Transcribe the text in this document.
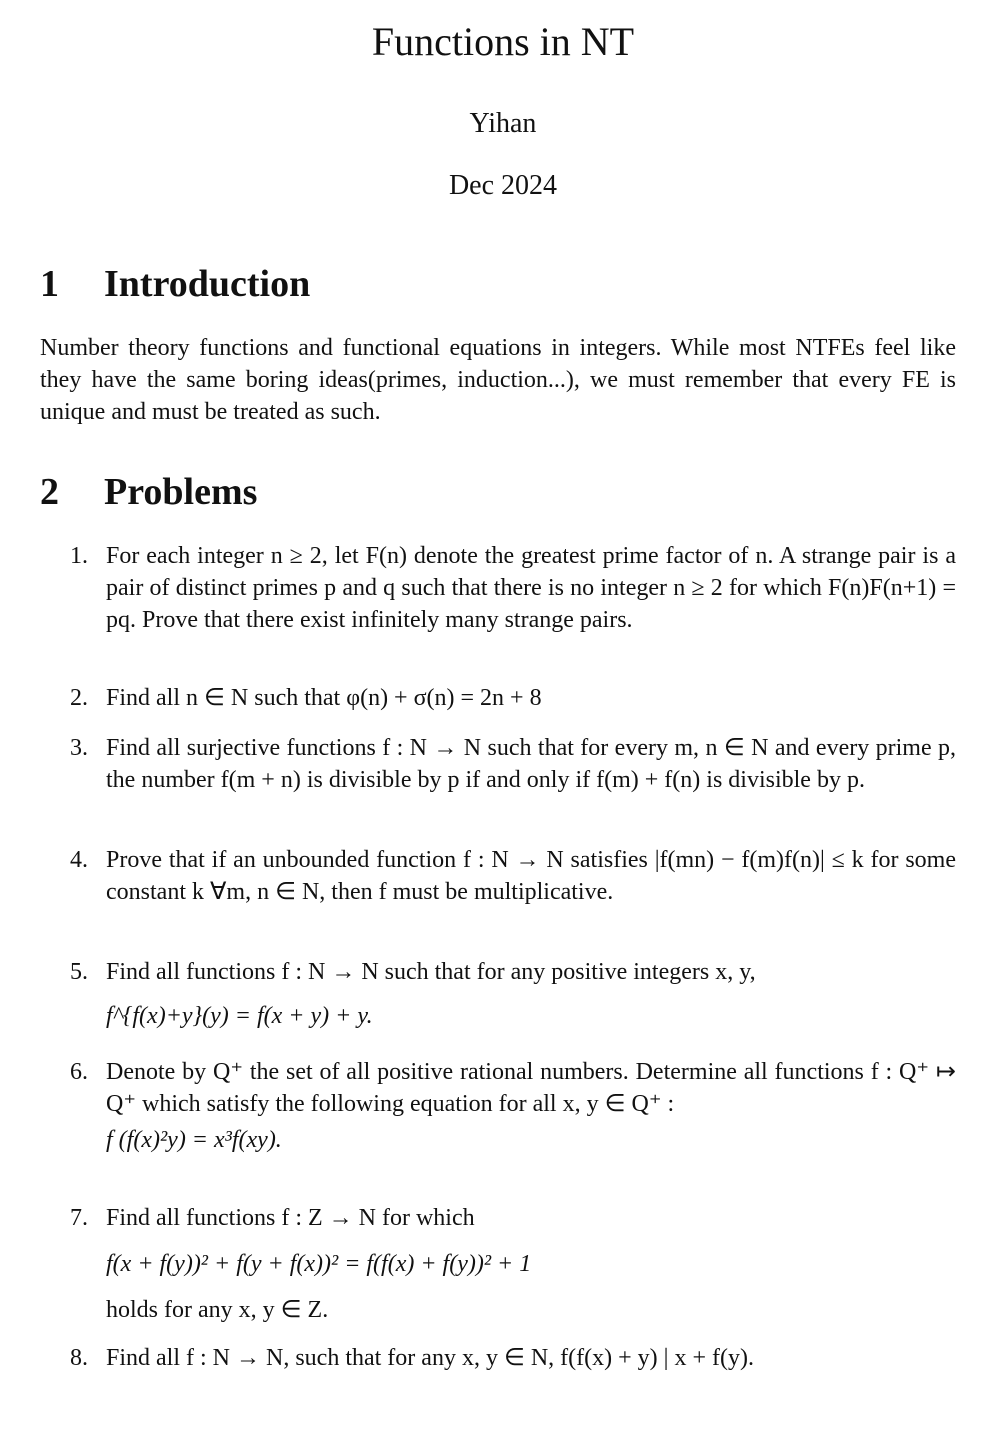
Functions in NT
Yihan
Dec 2024
1 Introduction
Number theory functions and functional equations in integers. While most NTFEs feel like they have the same boring ideas(primes, induction...), we must remember that every FE is unique and must be treated as such.
2 Problems
1. For each integer n ≥ 2, let F(n) denote the greatest prime factor of n. A strange pair is a pair of distinct primes p and q such that there is no integer n ≥ 2 for which F(n)F(n+1) = pq. Prove that there exist infinitely many strange pairs.
2. Find all n ∈ N such that φ(n) + σ(n) = 2n + 8
3. Find all surjective functions f : N → N such that for every m, n ∈ N and every prime p, the number f(m + n) is divisible by p if and only if f(m) + f(n) is divisible by p.
4. Prove that if an unbounded function f : N → N satisfies |f(mn) − f(m)f(n)| ≤ k for some constant k ∀m, n ∈ N, then f must be multiplicative.
5. Find all functions f : N → N such that for any positive integers x, y,
f^{f(x)+y}(y) = f(x + y) + y.
6. Denote by Q⁺ the set of all positive rational numbers. Determine all functions f : Q⁺ ↦ Q⁺ which satisfy the following equation for all x, y ∈ Q⁺ :
f (f(x)²y) = x³f(xy).
7. Find all functions f : Z → N for which
f(x + f(y))² + f(y + f(x))² = f(f(x) + f(y))² + 1
holds for any x, y ∈ Z.
8. Find all f : N → N, such that for any x, y ∈ N, f(f(x) + y) | x + f(y).
